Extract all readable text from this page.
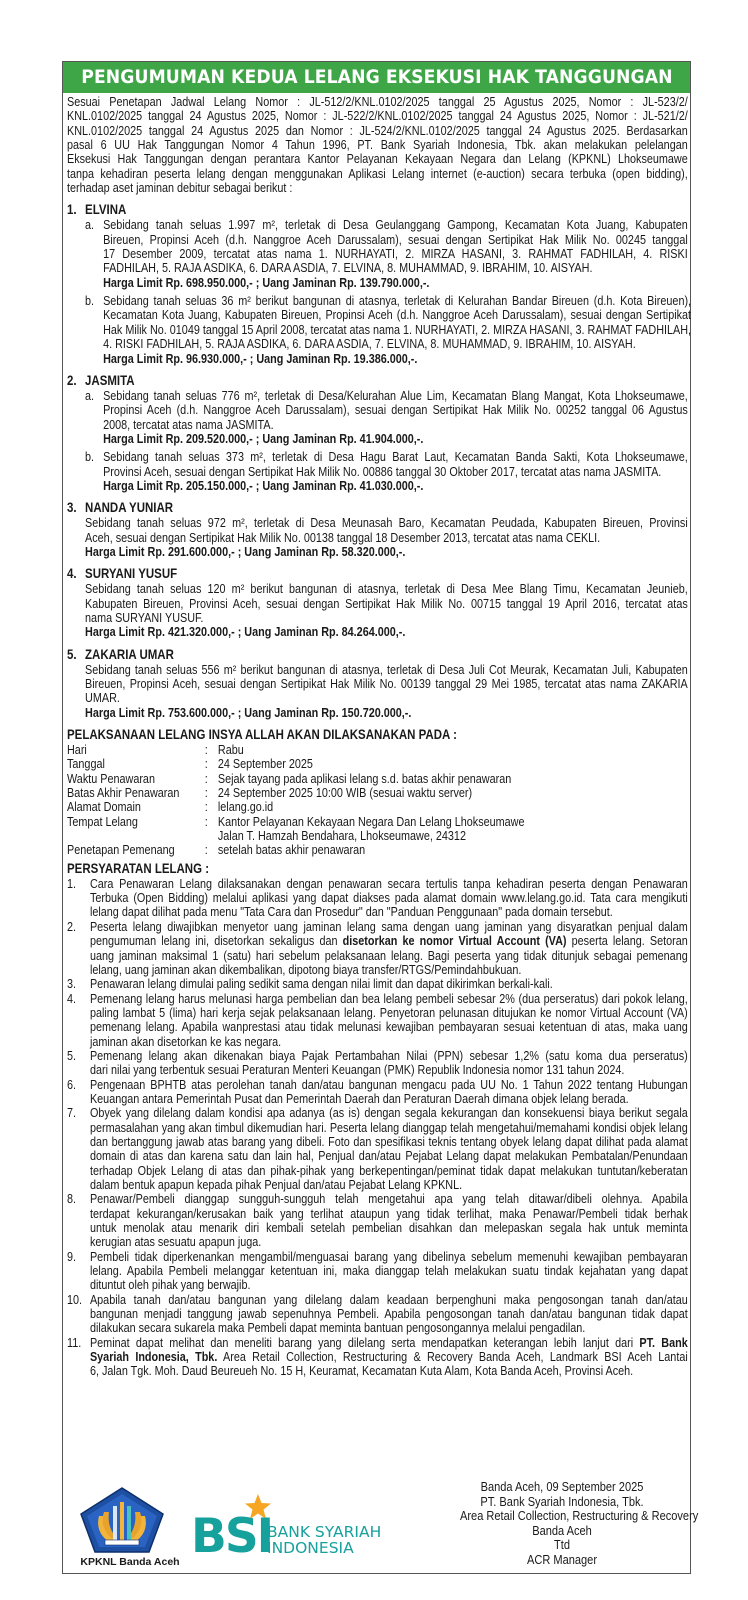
PENGUMUMAN KEDUA LELANG EKSEKUSI HAK TANGGUNGAN
Sesuai Penetapan Jadwal Lelang Nomor : JL-512/2/KNL.0102/2025 tanggal 25 Agustus 2025, Nomor : JL-523/2/
KNL.0102/2025 tanggal 24 Agustus 2025, Nomor : JL-522/2/KNL.0102/2025 tanggal 24 Agustus 2025, Nomor : JL-521/2/
KNL.0102/2025 tanggal 24 Agustus 2025 dan Nomor : JL-524/2/KNL.0102/2025 tanggal 24 Agustus 2025. Berdasarkan
pasal 6 UU Hak Tanggungan Nomor 4 Tahun 1996, PT. Bank Syariah Indonesia, Tbk. akan melakukan pelelangan
Eksekusi Hak Tanggungan dengan perantara Kantor Pelayanan Kekayaan Negara dan Lelang (KPKNL) Lhokseumawe
tanpa kehadiran peserta lelang dengan menggunakan Aplikasi Lelang internet (e-auction) secara terbuka (open bidding),
terhadap aset jaminan debitur sebagai berikut :
1. ELVINA
a. Sebidang tanah seluas 1.997 m², terletak di Desa Geulanggang Gampong, Kecamatan Kota Juang, Kabupaten
Bireuen, Propinsi Aceh (d.h. Nanggroe Aceh Darussalam), sesuai dengan Sertipikat Hak Milik No. 00245 tanggal
17 Desember 2009, tercatat atas nama 1. NURHAYATI, 2. MIRZA HASANI, 3. RAHMAT FADHILAH, 4. RISKI
FADHILAH, 5. RAJA ASDIKA, 6. DARA ASDIA, 7. ELVINA, 8. MUHAMMAD, 9. IBRAHIM, 10. AISYAH.
Harga Limit Rp. 698.950.000,- ; Uang Jaminan Rp. 139.790.000,-.
b. Sebidang tanah seluas 36 m² berikut bangunan di atasnya, terletak di Kelurahan Bandar Bireuen (d.h. Kota Bireuen),
Kecamatan Kota Juang, Kabupaten Bireuen, Propinsi Aceh (d.h. Nanggroe Aceh Darussalam), sesuai dengan Sertipikat
Hak Milik No. 01049 tanggal 15 April 2008, tercatat atas nama 1. NURHAYATI, 2. MIRZA HASANI, 3. RAHMAT FADHILAH,
4. RISKI FADHILAH, 5. RAJA ASDIKA, 6. DARA ASDIA, 7. ELVINA, 8. MUHAMMAD, 9. IBRAHIM, 10. AISYAH.
Harga Limit Rp. 96.930.000,- ; Uang Jaminan Rp. 19.386.000,-.
2. JASMITA
a. Sebidang tanah seluas 776 m², terletak di Desa/Kelurahan Alue Lim, Kecamatan Blang Mangat, Kota Lhokseumawe,
Propinsi Aceh (d.h. Nanggroe Aceh Darussalam), sesuai dengan Sertipikat Hak Milik No. 00252 tanggal 06 Agustus
2008, tercatat atas nama JASMITA.
Harga Limit Rp. 209.520.000,- ; Uang Jaminan Rp. 41.904.000,-.
b. Sebidang tanah seluas 373 m², terletak di Desa Hagu Barat Laut, Kecamatan Banda Sakti, Kota Lhokseumawe,
Provinsi Aceh, sesuai dengan Sertipikat Hak Milik No. 00886 tanggal 30 Oktober 2017, tercatat atas nama JASMITA.
Harga Limit Rp. 205.150.000,- ; Uang Jaminan Rp. 41.030.000,-.
3. NANDA YUNIAR
Sebidang tanah seluas 972 m², terletak di Desa Meunasah Baro, Kecamatan Peudada, Kabupaten Bireuen, Provinsi
Aceh, sesuai dengan Sertipikat Hak Milik No. 00138 tanggal 18 Desember 2013, tercatat atas nama CEKLI.
Harga Limit Rp. 291.600.000,- ; Uang Jaminan Rp. 58.320.000,-.
4. SURYANI YUSUF
Sebidang tanah seluas 120 m² berikut bangunan di atasnya, terletak di Desa Mee Blang Timu, Kecamatan Jeunieb,
Kabupaten Bireuen, Provinsi Aceh, sesuai dengan Sertipikat Hak Milik No. 00715 tanggal 19 April 2016, tercatat atas
nama SURYANI YUSUF.
Harga Limit Rp. 421.320.000,- ; Uang Jaminan Rp. 84.264.000,-.
5. ZAKARIA UMAR
Sebidang tanah seluas 556 m² berikut bangunan di atasnya, terletak di Desa Juli Cot Meurak, Kecamatan Juli, Kabupaten
Bireuen, Propinsi Aceh, sesuai dengan Sertipikat Hak Milik No. 00139 tanggal 29 Mei 1985, tercatat atas nama ZAKARIA
UMAR.
Harga Limit Rp. 753.600.000,- ; Uang Jaminan Rp. 150.720.000,-.
PELAKSANAAN LELANG INSYA ALLAH AKAN DILAKSANAKAN PADA :
Hari	: Rabu
Tanggal	: 24 September 2025
Waktu Penawaran	: Sejak tayang pada aplikasi lelang s.d. batas akhir penawaran
Batas Akhir Penawaran	: 24 September 2025 10:00 WIB (sesuai waktu server)
Alamat Domain	: lelang.go.id
Tempat Lelang	: Kantor Pelayanan Kekayaan Negara Dan Lelang Lhokseumawe
Jalan T. Hamzah Bendahara, Lhokseumawe, 24312
Penetapan Pemenang	: setelah batas akhir penawaran
PERSYARATAN LELANG :
1.	Cara Penawaran Lelang dilaksanakan dengan penawaran secara tertulis tanpa kehadiran peserta dengan Penawaran
Terbuka (Open Bidding) melalui aplikasi yang dapat diakses pada alamat domain www.lelang.go.id. Tata cara mengikuti
lelang dapat dilihat pada menu "Tata Cara dan Prosedur" dan "Panduan Penggunaan" pada domain tersebut.
2.	Peserta lelang diwajibkan menyetor uang jaminan lelang sama dengan uang jaminan yang disyaratkan penjual dalam
pengumuman lelang ini, disetorkan sekaligus dan disetorkan ke nomor Virtual Account (VA) peserta lelang. Setoran
uang jaminan maksimal 1 (satu) hari sebelum pelaksanaan lelang. Bagi peserta yang tidak ditunjuk sebagai pemenang
lelang, uang jaminan akan dikembalikan, dipotong biaya transfer/RTGS/Pemindahbukuan.
3.	Penawaran lelang dimulai paling sedikit sama dengan nilai limit dan dapat dikirimkan berkali-kali.
4.	Pemenang lelang harus melunasi harga pembelian dan bea lelang pembeli sebesar 2% (dua perseratus) dari pokok lelang,
paling lambat 5 (lima) hari kerja sejak pelaksanaan lelang. Penyetoran pelunasan ditujukan ke nomor Virtual Account (VA)
pemenang lelang. Apabila wanprestasi atau tidak melunasi kewajiban pembayaran sesuai ketentuan di atas, maka uang
jaminan akan disetorkan ke kas negara.
5.	Pemenang lelang akan dikenakan biaya Pajak Pertambahan Nilai (PPN) sebesar 1,2% (satu koma dua perseratus)
dari nilai yang terbentuk sesuai Peraturan Menteri Keuangan (PMK) Republik Indonesia nomor 131 tahun 2024.
6.	Pengenaan BPHTB atas perolehan tanah dan/atau bangunan mengacu pada UU No. 1 Tahun 2022 tentang Hubungan
Keuangan antara Pemerintah Pusat dan Pemerintah Daerah dan Peraturan Daerah dimana objek lelang berada.
7.	Obyek yang dilelang dalam kondisi apa adanya (as is) dengan segala kekurangan dan konsekuensi biaya berikut segala
permasalahan yang akan timbul dikemudian hari. Peserta lelang dianggap telah mengetahui/memahami kondisi objek lelang
dan bertanggung jawab atas barang yang dibeli. Foto dan spesifikasi teknis tentang obyek lelang dapat dilihat pada alamat
domain di atas dan karena satu dan lain hal, Penjual dan/atau Pejabat Lelang dapat melakukan Pembatalan/Penundaan
terhadap Objek Lelang di atas dan pihak-pihak yang berkepentingan/peminat tidak dapat melakukan tuntutan/keberatan
dalam bentuk apapun kepada pihak Penjual dan/atau Pejabat Lelang KPKNL.
8.	Penawar/Pembeli dianggap sungguh-sungguh telah mengetahui apa yang telah ditawar/dibeli olehnya. Apabila
terdapat kekurangan/kerusakan baik yang terlihat ataupun yang tidak terlihat, maka Penawar/Pembeli tidak berhak
untuk menolak atau menarik diri kembali setelah pembelian disahkan dan melepaskan segala hak untuk meminta
kerugian atas sesuatu apapun juga.
9.	Pembeli tidak diperkenankan mengambil/menguasai barang yang dibelinya sebelum memenuhi kewajiban pembayaran
lelang. Apabila Pembeli melanggar ketentuan ini, maka dianggap telah melakukan suatu tindak kejahatan yang dapat
dituntut oleh pihak yang berwajib.
10. Apabila tanah dan/atau bangunan yang dilelang dalam keadaan berpenghuni maka pengosongan tanah dan/atau
bangunan menjadi tanggung jawab sepenuhnya Pembeli. Apabila pengosongan tanah dan/atau bangunan tidak dapat
dilakukan secara sukarela maka Pembeli dapat meminta bantuan pengosongannya melalui pengadilan.
11. Peminat dapat melihat dan meneliti barang yang dilelang serta mendapatkan keterangan lebih lanjut dari PT. Bank
Syariah Indonesia, Tbk. Area Retail Collection, Restructuring & Recovery Banda Aceh, Landmark BSI Aceh Lantai
6, Jalan Tgk. Moh. Daud Beureueh No. 15 H, Keuramat, Kecamatan Kuta Alam, Kota Banda Aceh, Provinsi Aceh.
KPKNL Banda Aceh BSI
BANK SYARIAH
INDONESIA
Banda Aceh, 09 September 2025
PT. Bank Syariah Indonesia, Tbk.
Area Retail Collection, Restructuring & Recovery
Banda Aceh
Ttd
ACR Manager
